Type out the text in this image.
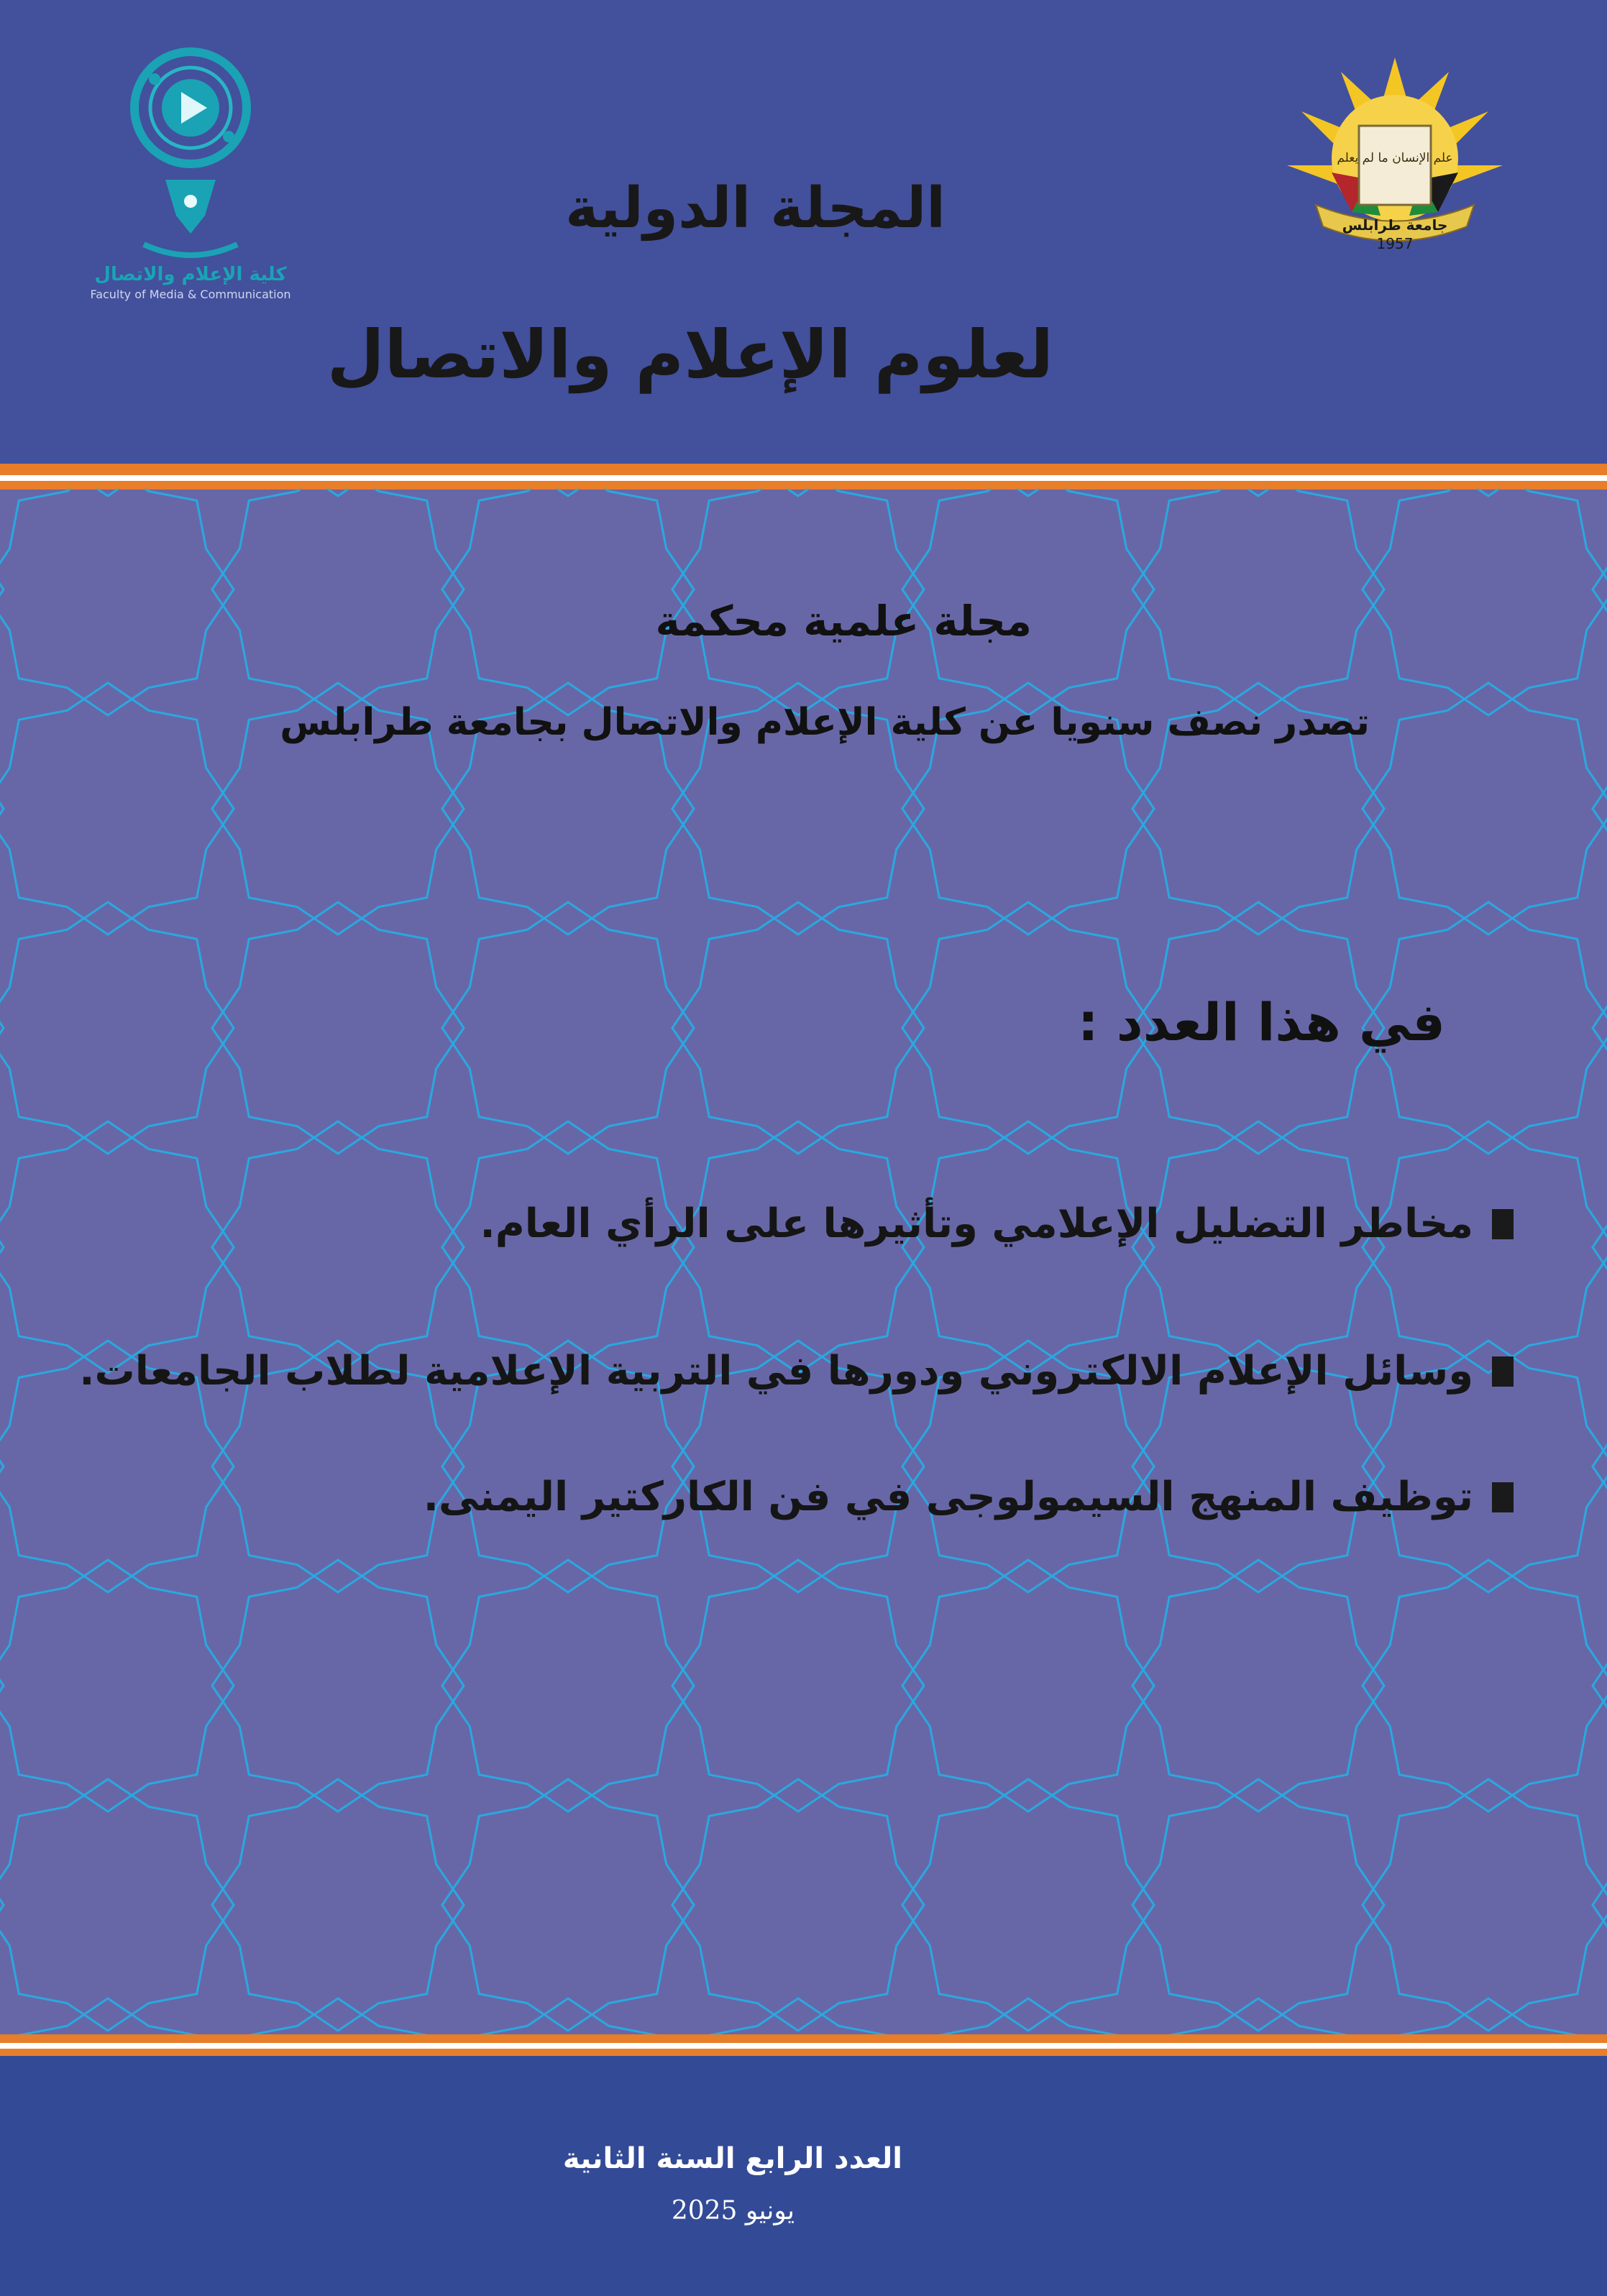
كلية الإعلام والاتصال
Faculty of Media & Communication
علم الإنسان ما لم يعلم
جامعة طرابلس
1957
المجلة الدولية
لعلوم الإعلام والاتصال
مجلة علمية محكمة
تصدر نصف سنويا عن كلية الإعلام والاتصال بجامعة طرابلس
في هذا العدد :
مخاطر التضليل الإعلامي وتأثيرها على الرأي العام.
وسائل الإعلام الالكتروني ودورها في التربية الإعلامية لطلاب الجامعات.
توظيف المنهج السيمولوجى في فن الكاركتير اليمنى.
العدد الرابع السنة الثانية
يونيو 2025
